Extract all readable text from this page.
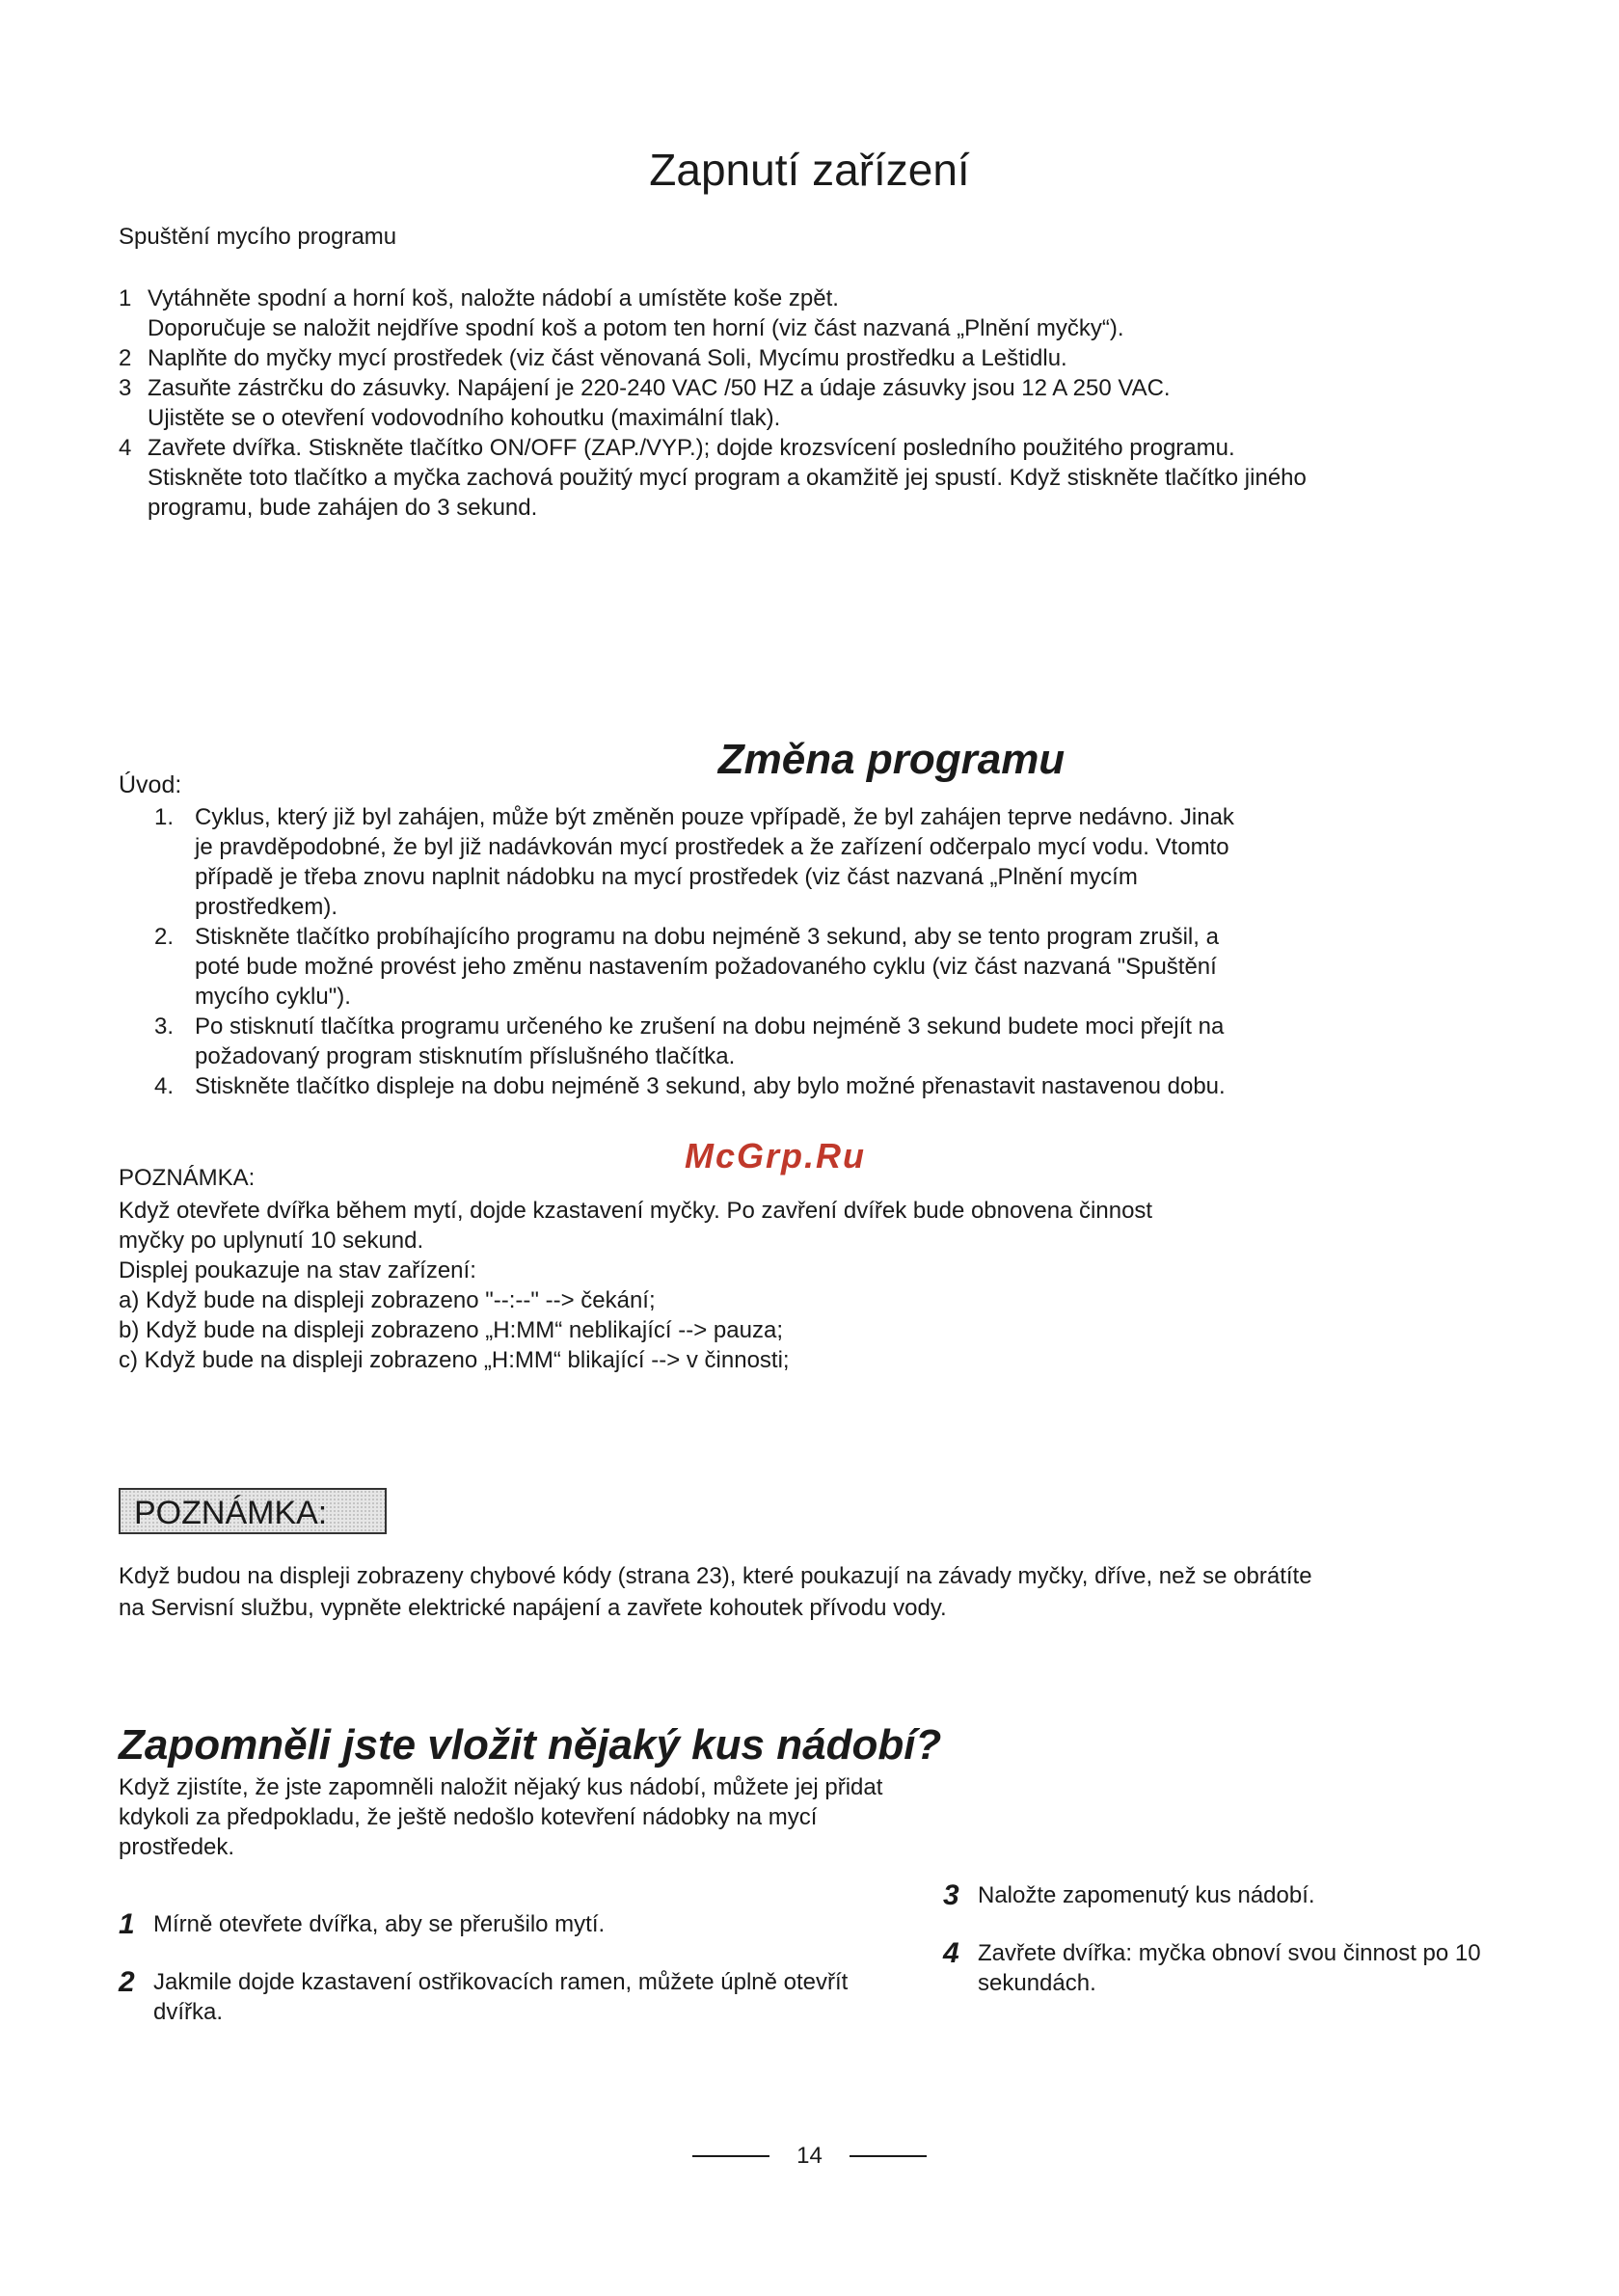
Zapnutí zařízení
Spuštění mycího programu
1 Vytáhněte spodní a horní koš, naložte nádobí a umístěte koše zpět.
Doporučuje se naložit nejdříve spodní koš a potom ten horní (viz část nazvaná „Plnění myčky“).
2 Naplňte do myčky mycí prostředek (viz část věnovaná Soli, Mycímu prostředku a Leštidlu.
3 Zasuňte zástrčku do zásuvky. Napájení je 220-240 VAC /50 HZ a údaje zásuvky jsou 12 A 250 VAC.
Ujistěte se o otevření vodovodního kohoutku (maximální tlak).
4 Zavřete dvířka. Stiskněte tlačítko ON/OFF (ZAP./VYP.); dojde krozsvícení posledního použitého programu. Stiskněte toto tlačítko a myčka zachová použitý mycí program a okamžitě jej spustí. Když stiskněte tlačítko jiného programu, bude zahájen do 3 sekund.
Změna programu
Úvod:
1. Cyklus, který již byl zahájen, může být změněn pouze vpřípadě, že byl zahájen teprve nedávno. Jinak je pravděpodobné, že byl již nadávkován mycí prostředek a že zařízení odčerpalo mycí vodu. Vtomto případě je třeba znovu naplnit nádobku na mycí prostředek (viz část nazvaná „Plnění mycím prostředkem).
2. Stiskněte tlačítko probíhajícího programu na dobu nejméně 3 sekund, aby se tento program zrušil, a poté bude možné provést jeho změnu nastavením požadovaného cyklu (viz část nazvaná "Spuštění mycího cyklu").
3. Po stisknutí tlačítka programu určeného ke zrušení na dobu nejméně 3 sekund budete moci přejít na požadovaný program stisknutím příslušného tlačítka.
4. Stiskněte tlačítko displeje na dobu nejméně 3 sekund, aby bylo možné přenastavit nastavenou dobu.
McGrp.Ru
POZNÁMKA:
Když otevřete dvířka během mytí, dojde kzastavení myčky. Po zavření dvířek bude obnovena činnost
myčky po uplynutí 10 sekund.
Displej poukazuje na stav zařízení:
a) Když bude na displeji zobrazeno "--:--" --> čekání;
b) Když bude na displeji zobrazeno „H:MM“ neblikající --> pauza;
c) Když bude na displeji zobrazeno „H:MM“ blikající --> v činnosti;
POZNÁMKA:
Když budou na displeji zobrazeny chybové kódy (strana 23), které poukazují na závady myčky, dříve, než se obrátíte na Servisní službu, vypněte elektrické napájení a zavřete kohoutek přívodu vody.
Zapomněli jste vložit nějaký kus nádobí?
Když zjistíte, že jste zapomněli naložit nějaký kus nádobí, můžete jej přidat kdykoli za předpokladu, že ještě nedošlo kotevření nádobky na mycí prostředek.
1 Mírně otevřete dvířka, aby se přerušilo mytí.
2 Jakmile dojde kzastavení ostřikovacích ramen, můžete úplně otevřít dvířka.
3 Naložte zapomenutý kus nádobí.
4 Zavřete dvířka: myčka obnoví svou činnost po 10 sekundách.
14
